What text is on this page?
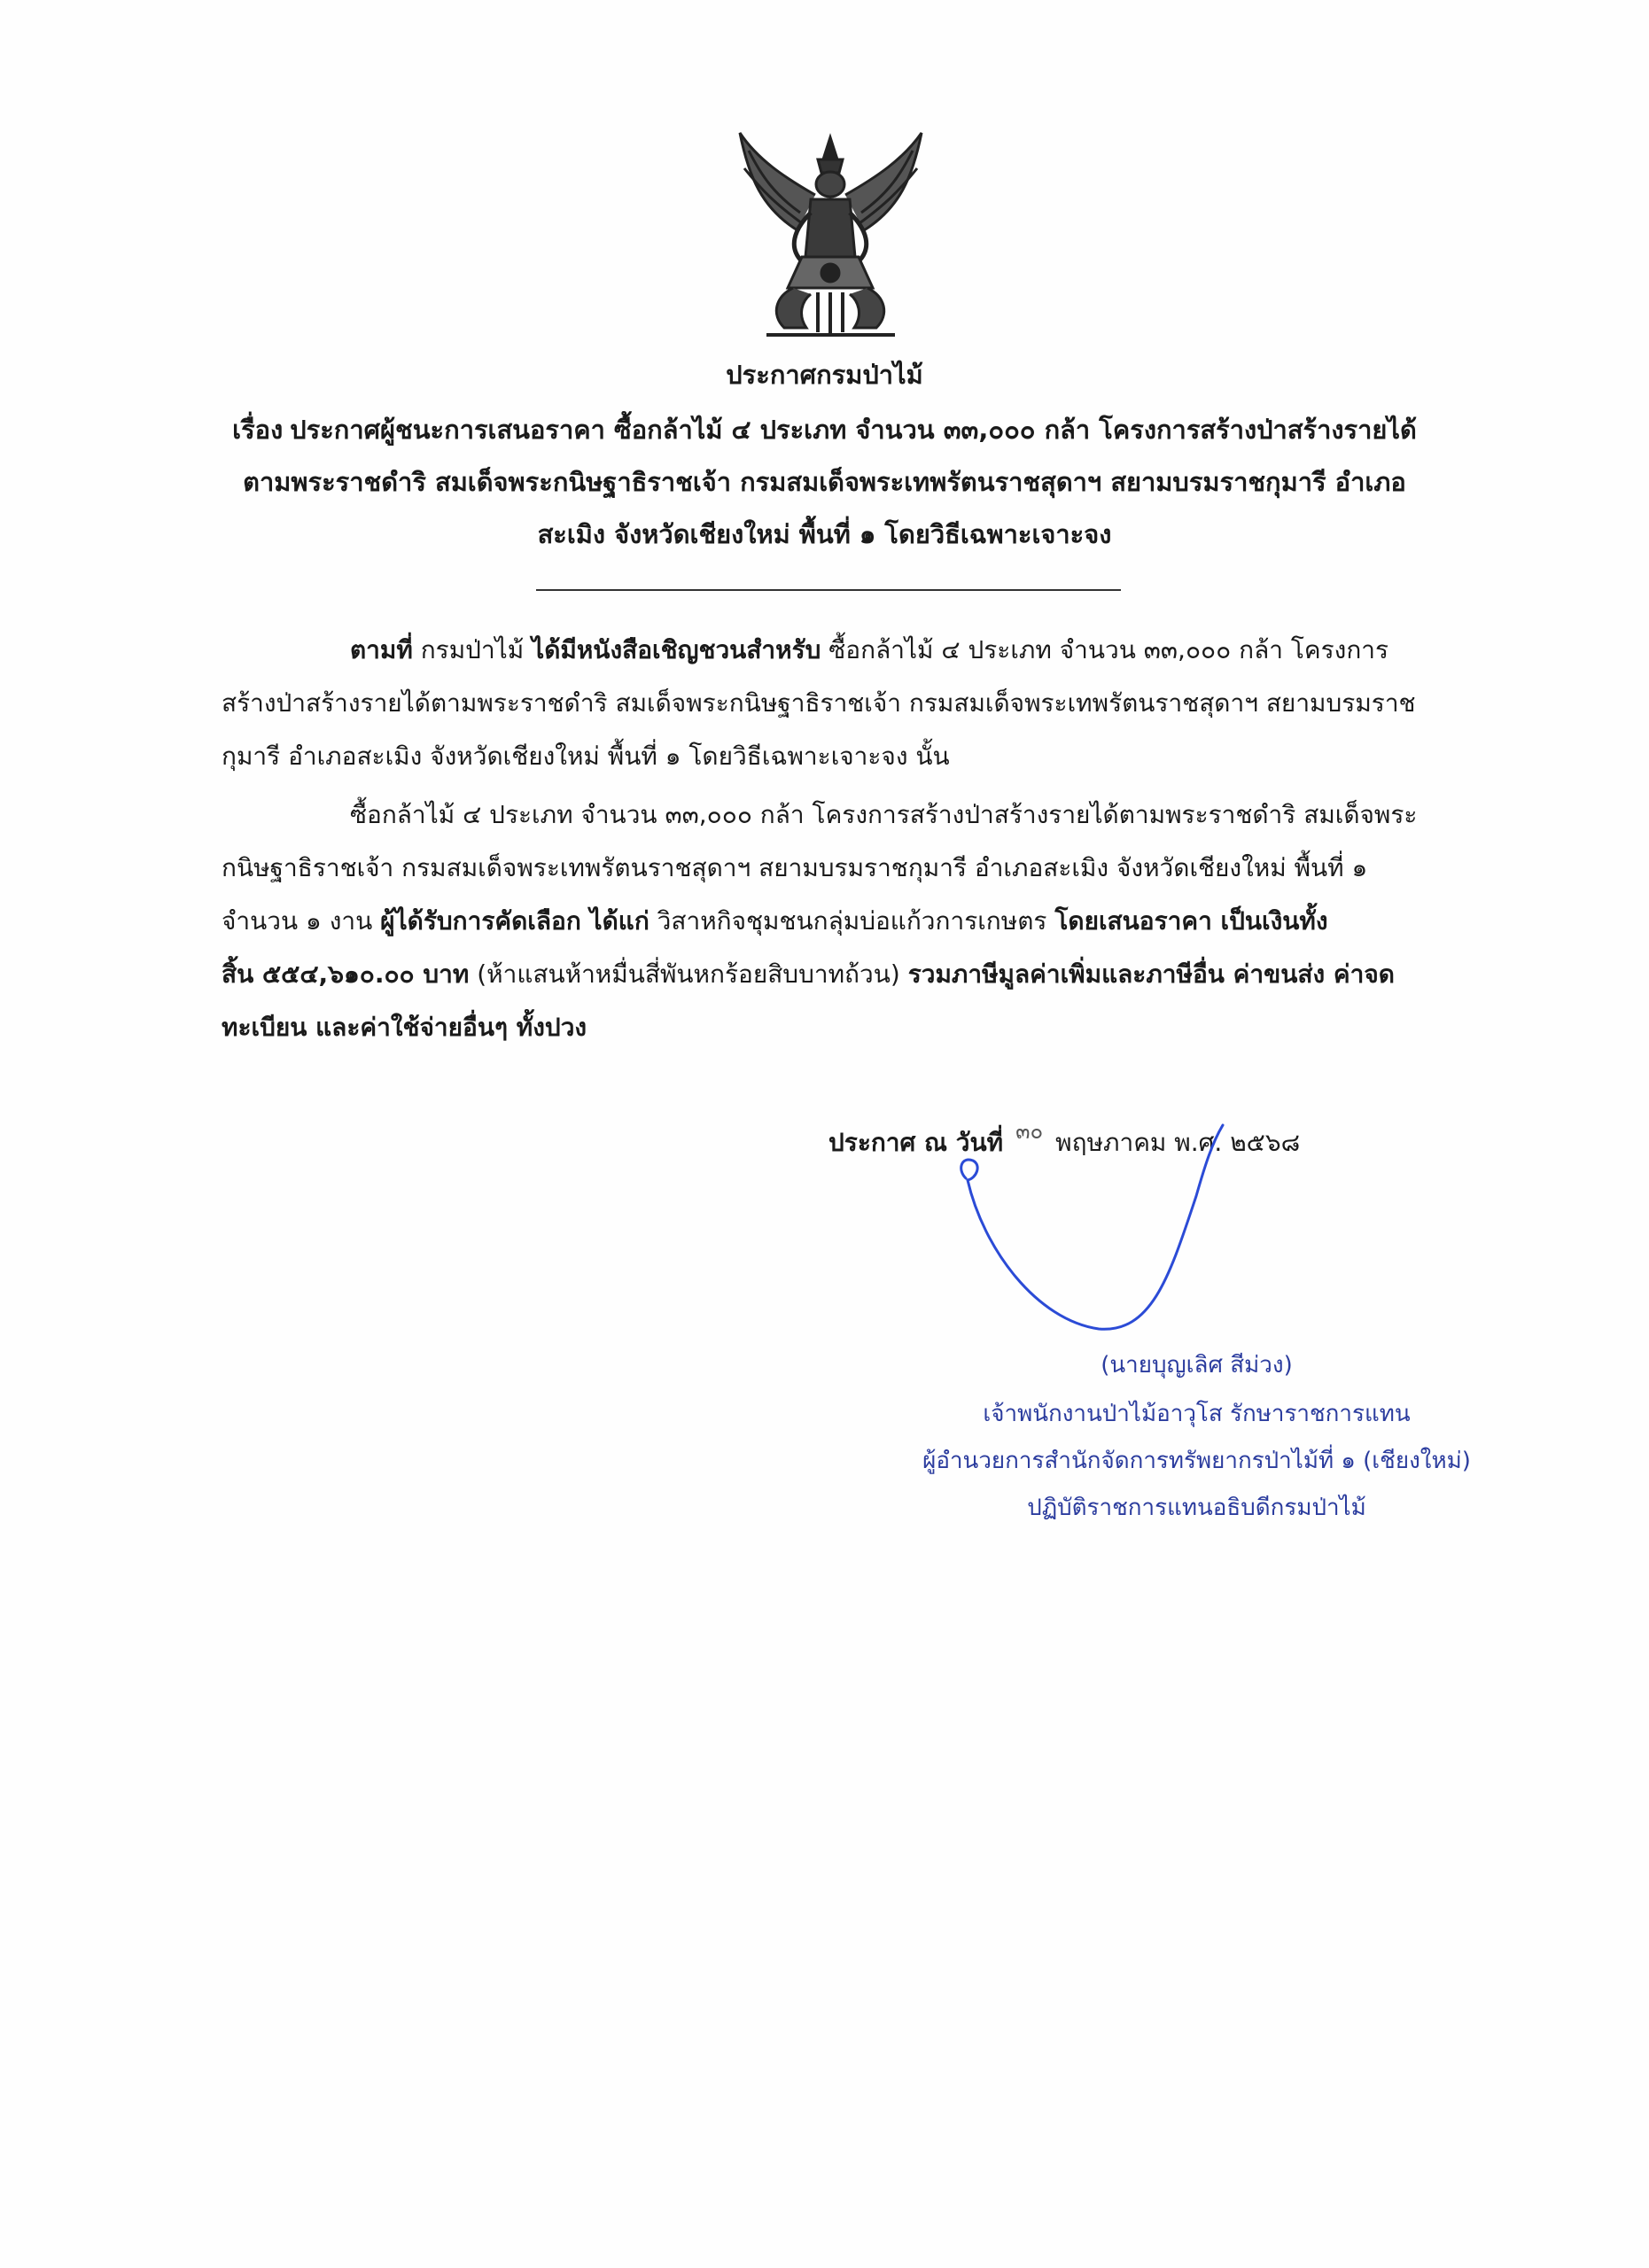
ประกาศกรมป่าไม้
เรื่อง ประกาศผู้ชนะการเสนอราคา ซื้อกล้าไม้ ๔ ประเภท จำนวน ๓๓,๐๐๐ กล้า โครงการสร้างป่าสร้างรายได้
ตามพระราชดำริ สมเด็จพระกนิษฐาธิราชเจ้า กรมสมเด็จพระเทพรัตนราชสุดาฯ สยามบรมราชกุมารี อำเภอ
สะเมิง จังหวัดเชียงใหม่ พื้นที่ ๑ โดยวิธีเฉพาะเจาะจง
ตามที่ กรมป่าไม้ ได้มีหนังสือเชิญชวนสำหรับ ซื้อกล้าไม้ ๔ ประเภท จำนวน ๓๓,๐๐๐ กล้า โครงการ
สร้างป่าสร้างรายได้ตามพระราชดำริ สมเด็จพระกนิษฐาธิราชเจ้า กรมสมเด็จพระเทพรัตนราชสุดาฯ สยามบรมราช
กุมารี อำเภอสะเมิง จังหวัดเชียงใหม่ พื้นที่ ๑ โดยวิธีเฉพาะเจาะจง นั้น
ซื้อกล้าไม้ ๔ ประเภท จำนวน ๓๓,๐๐๐ กล้า โครงการสร้างป่าสร้างรายได้ตามพระราชดำริ สมเด็จพระ
กนิษฐาธิราชเจ้า กรมสมเด็จพระเทพรัตนราชสุดาฯ สยามบรมราชกุมารี อำเภอสะเมิง จังหวัดเชียงใหม่ พื้นที่ ๑
จำนวน ๑ งาน ผู้ได้รับการคัดเลือก ได้แก่ วิสาหกิจชุมชนกลุ่มบ่อแก้วการเกษตร โดยเสนอราคา เป็นเงินทั้ง
สิ้น ๕๕๔,๖๑๐.๐๐ บาท (ห้าแสนห้าหมื่นสี่พันหกร้อยสิบบาทถ้วน) รวมภาษีมูลค่าเพิ่มและภาษีอื่น ค่าขนส่ง ค่าจด
ทะเบียน และค่าใช้จ่ายอื่นๆ ทั้งปวง
ประกาศ ณ วันที่ ๓๐ พฤษภาคม พ.ศ. ๒๕๖๘
(นายบุญเลิศ สีม่วง)
เจ้าพนักงานป่าไม้อาวุโส รักษาราชการแทน
ผู้อำนวยการสำนักจัดการทรัพยากรป่าไม้ที่ ๑ (เชียงใหม่)
ปฏิบัติราชการแทนอธิบดีกรมป่าไม้
